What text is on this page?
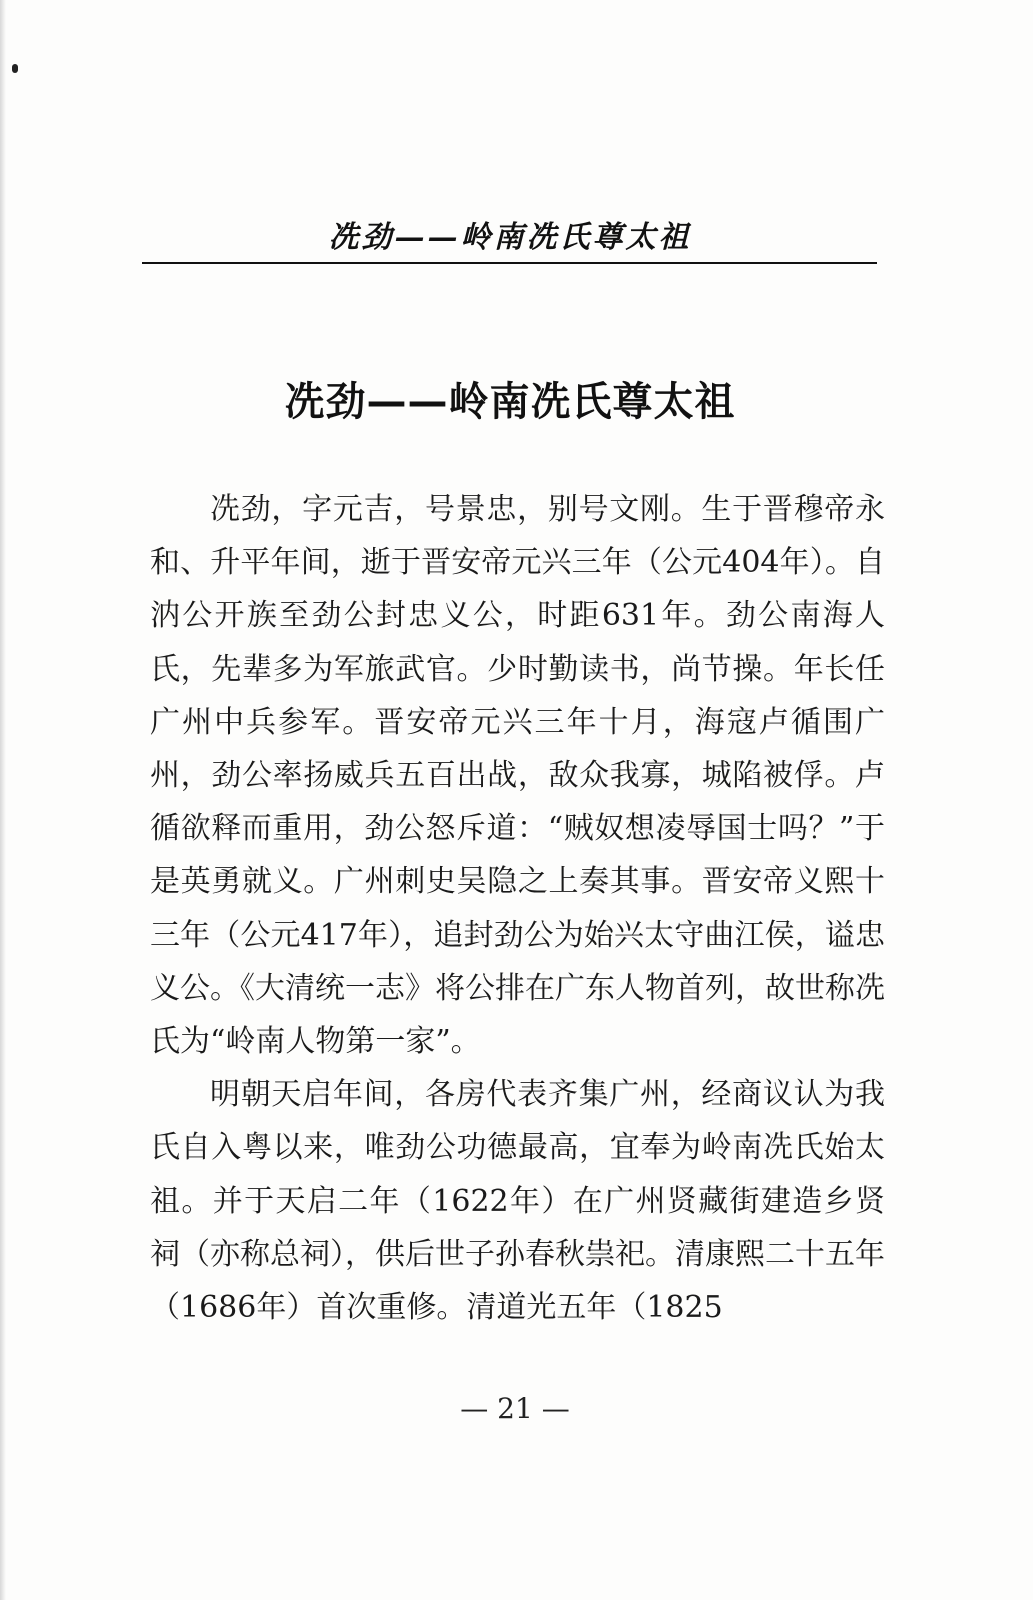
冼劲——岭南冼氏尊太祖
冼劲——岭南冼氏尊太祖

冼劲，字元吉，号景忠，别号文刚。生于晋穆帝永和、升平年间，逝于晋安帝元兴三年（公元404年）。自汭公开族至劲公封忠义公，时距631年。劲公南海人氏，先辈多为军旅武官。少时勤读书，尚节操。年长任广州中兵参军。晋安帝元兴三年十月，海寇卢循围广州，劲公率扬威兵五百出战，敌众我寡，城陷被俘。卢循欲释而重用，劲公怒斥道：“贼奴想凌辱国士吗？”于是英勇就义。广州刺史吴隐之上奏其事。晋安帝义熙十三年（公元417年），追封劲公为始兴太守曲江侯，谥忠义公。《大清统一志》将公排在广东人物首列，故世称冼氏为“岭南人物第一家”。

明朝天启年间，各房代表齐集广州，经商议认为我氏自入粤以来，唯劲公功德最高，宜奉为岭南冼氏始太祖。并于天启二年（1622年）在广州贤藏街建造乡贤祠（亦称总祠），供后世子孙春秋祟祀。清康熙二十五年（1686年）首次重修。清道光五年（1825

— 21 —
